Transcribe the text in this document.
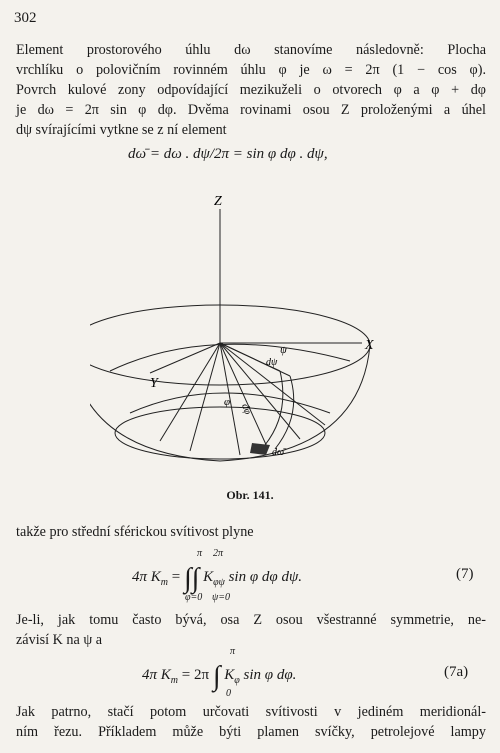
302
Element prostorového úhlu dω stanovíme následovně: Plocha
vrchlíku o polovičním rovinném úhlu φ je ω = 2π (1 − cos φ).
Povrch kulové zony odpovídající mezikuželi o otvorech φ a φ + dφ
je dω = 2π sin φ dφ. Dvěma rovinami osou Z proloženými a úhel
dψ svírajícími vytkne se z ní element
dω̄ = dω . dψ/2π = sin φ dφ . dψ,
Z
X
Y
ψ
dψ
φ
dφ
dω̄
Obr. 141.
takže pro střední sférickou svítivost plyne
4π $K_m$ = ∫∫ $K_{\varphi\psi}$ sin φ dφ dψ.
π 2π
φ=0 ψ=0
(7)
Je-li, jak tomu často bývá, osa Z osou všestranné symmetrie, ne-
závisí K na ψ a
4π $K_m = 2\pi$ ∫ $K_\varphi$ sin φ dφ.
π
0
(7a)
Jak patrno, stačí potom určovati svítivosti v jediném meridionál-
ním řezu. Příkladem může býti plamen svíčky, petrolejové lampy
